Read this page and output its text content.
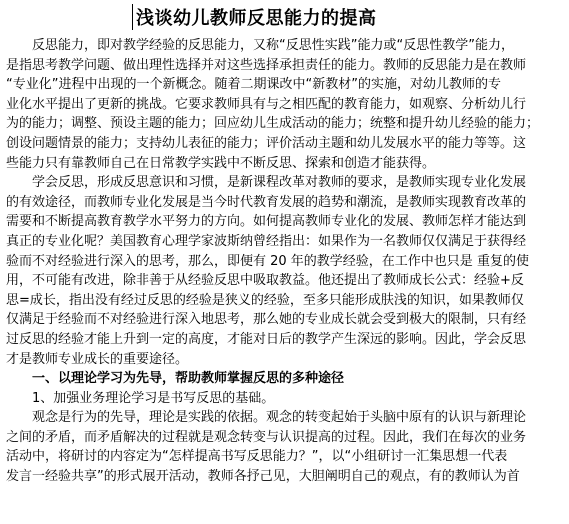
浅谈幼儿教师反思能力的提高
反思能力，即对教学经验的反思能力，又称“反思性实践”能力或“反思性教学”能力，
是指思考教学问题、做出理性选择并对这些选择承担责任的能力。教师的反思能力是在教师
“专业化”进程中出现的一个新概念。随着二期课改中“新教材”的实施，对幼儿教师的专
业化水平提出了更新的挑战。它要求教师具有与之相匹配的教育能力，如观察、分析幼儿行
为的能力；调整、预设主题的能力；回应幼儿生成活动的能力；统整和提升幼儿经验的能力；
创设问题情景的能力；支持幼儿表征的能力；评价活动主题和幼儿发展水平的能力等等。这
些能力只有靠教师自己在日常教学实践中不断反思、探索和创造才能获得。
学会反思，形成反思意识和习惯，是新课程改革对教师的要求，是教师实现专业化发展
的有效途径，而教师专业化发展是当今时代教育发展的趋势和潮流，是教师实现教育改革的
需要和不断提高教育教学水平努力的方向。如何提高教师专业化的发展、教师怎样才能达到
真正的专业化呢？美国教育心理学家波斯纳曾经指出：如果作为一名教师仅仅满足于获得经
验而不对经验进行深入的思考，那么，即便有 20 年的教学经验，在工作中也只是 重复的使
用，不可能有改进，除非善于从经验反思中吸取教益。他还提出了教师成长公式：经验+反
思=成长，指出没有经过反思的经验是狭义的经验，至多只能形成肤浅的知识，如果教师仅
仅满足于经验而不对经验进行深入地思考，那么她的专业成长就会受到极大的限制，只有经
过反思的经验才能上升到一定的高度，才能对日后的教学产生深远的影响。因此，学会反思
才是教师专业成长的重要途径。
一、以理论学习为先导，帮助教师掌握反思的多种途径
1、加强业务理论学习是书写反思的基础。
观念是行为的先导，理论是实践的依据。观念的转变起始于头脑中原有的认识与新理论
之间的矛盾，而矛盾解决的过程就是观念转变与认识提高的过程。因此，我们在每次的业务
活动中，将研讨的内容定为“怎样提高书写反思能力？”，以“小组研讨一汇集思想一代表
发言一经验共享”的形式展开活动，教师各抒己见，大胆阐明自己的观点，有的教师认为首
